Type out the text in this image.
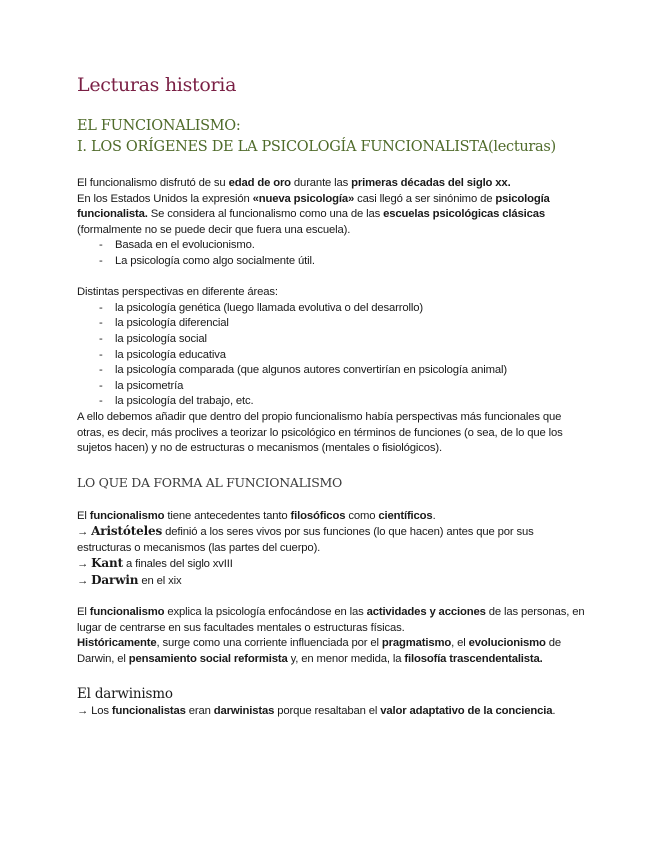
Lecturas historia
EL FUNCIONALISMO:
I. LOS ORÍGENES DE LA PSICOLOGÍA FUNCIONALISTA(lecturas)

El funcionalismo disfrutó de su edad de oro durante las primeras décadas del siglo xx.

En los Estados Unidos la expresión «nueva psicología» casi llegó a ser sinónimo de psicología funcionalista. Se considera al funcionalismo como una de las escuelas psicológicas clásicas (formalmente no se puede decir que fuera una escuela).

- Basada en el evolucionismo.
- La psicología como algo socialmente útil.

Distintas perspectivas en diferente áreas:

- la psicología genética (luego llamada evolutiva o del desarrollo)
- la psicología diferencial
- la psicología social
- la psicología educativa
- la psicología comparada (que algunos autores convertirían en psicología animal)
- la psicometría
- la psicología del trabajo, etc.

A ello debemos añadir que dentro del propio funcionalismo había perspectivas más funcionales que otras, es decir, más proclives a teorizar lo psicológico en términos de funciones (o sea, de lo que los sujetos hacen) y no de estructuras o mecanismos (mentales o fisiológicos).

LO QUE DA FORMA AL FUNCIONALISMO

El funcionalismo tiene antecedentes tanto filosóficos como científicos.

→ Aristóteles definió a los seres vivos por sus funciones (lo que hacen) antes que por sus estructuras o mecanismos (las partes del cuerpo).

→ Kant a finales del siglo xvIII

→ Darwin en el xix

El funcionalismo explica la psicología enfocándose en las actividades y acciones de las personas, en lugar de centrarse en sus facultades mentales o estructuras físicas.

Históricamente, surge como una corriente influenciada por el pragmatismo, el evolucionismo de Darwin, el pensamiento social reformista y, en menor medida, la filosofía trascendentalista.

El darwinismo

→ Los funcionalistas eran darwinistas porque resaltaban el valor adaptativo de la conciencia.
